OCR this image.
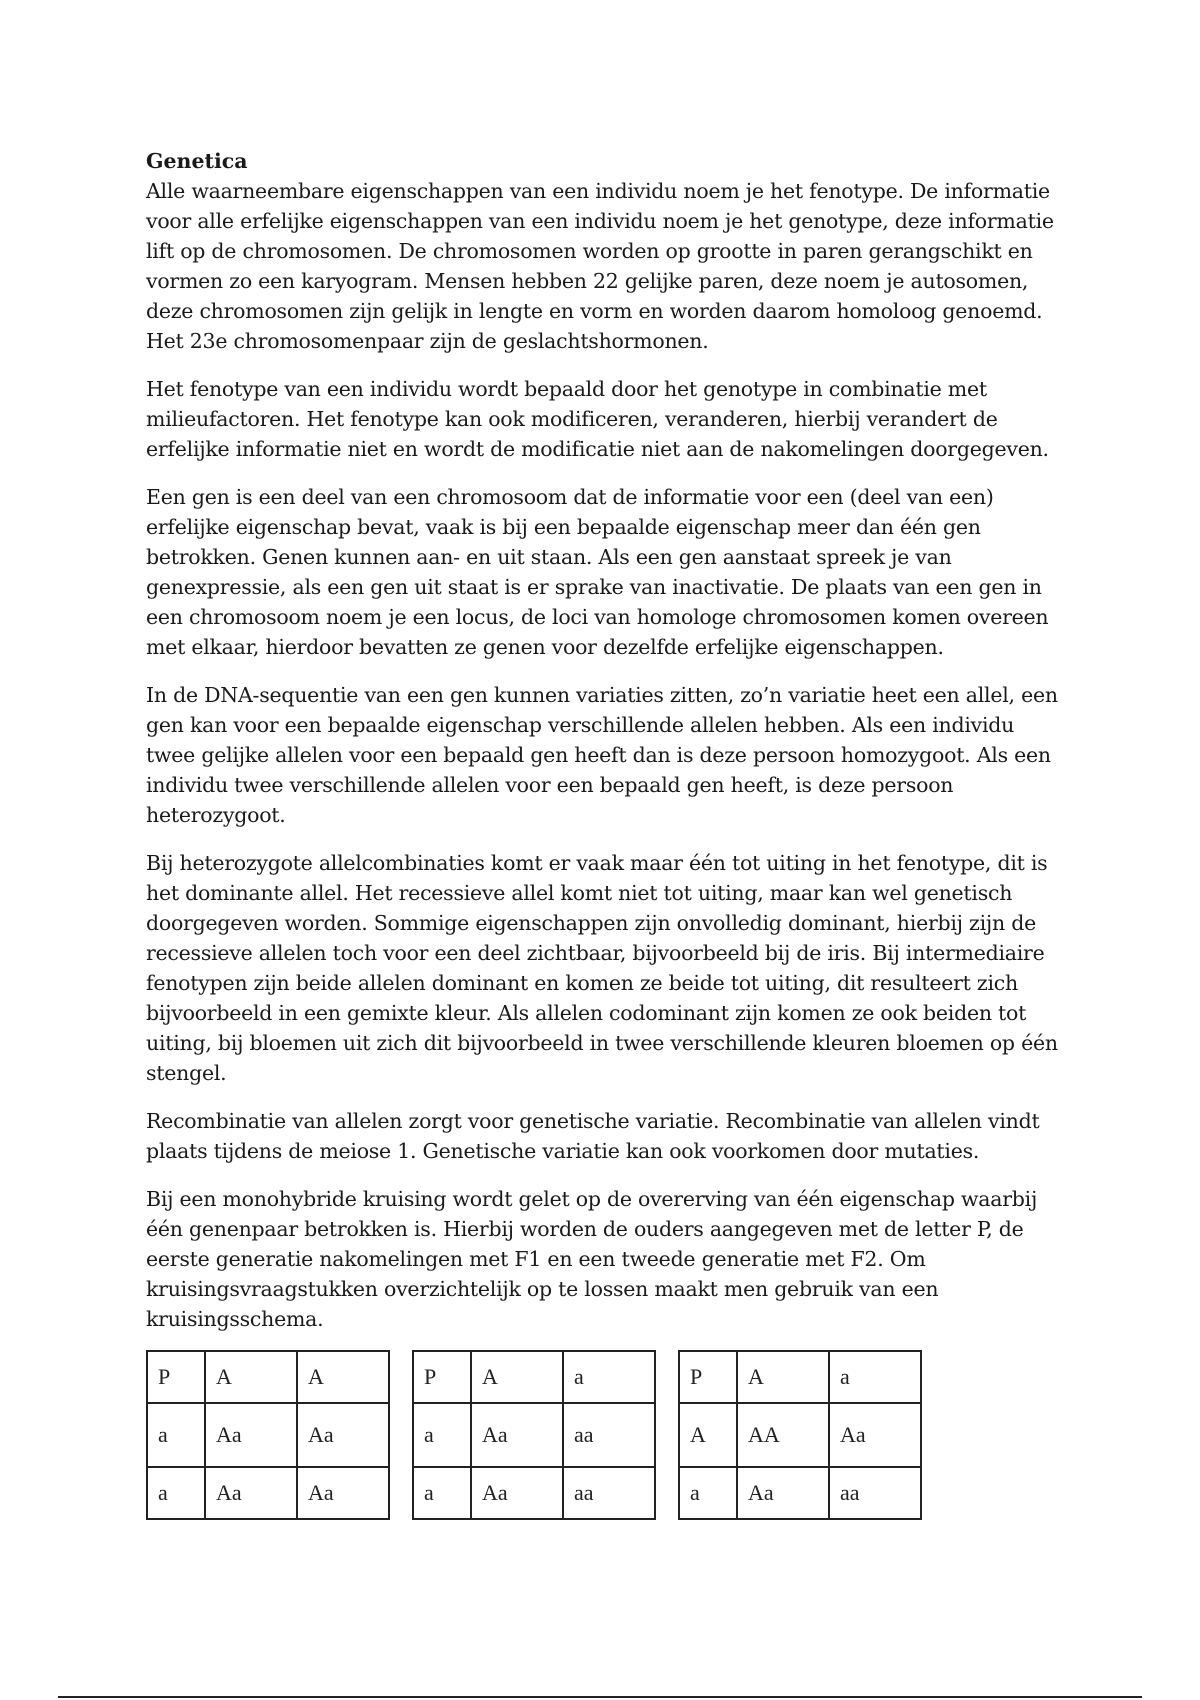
Genetica

Alle waarneembare eigenschappen van een individu noem je het fenotype. De informatie voor alle erfelijke eigenschappen van een individu noem je het genotype, deze informatie lift op de chromosomen. De chromosomen worden op grootte in paren gerangschikt en vormen zo een karyogram. Mensen hebben 22 gelijke paren, deze noem je autosomen, deze chromosomen zijn gelijk in lengte en vorm en worden daarom homoloog genoemd. Het 23e chromosomenpaar zijn de geslachtshormonen.

Het fenotype van een individu wordt bepaald door het genotype in combinatie met milieufactoren. Het fenotype kan ook modificeren, veranderen, hierbij verandert de erfelijke informatie niet en wordt de modificatie niet aan de nakomelingen doorgegeven.

Een gen is een deel van een chromosoom dat de informatie voor een (deel van een) erfelijke eigenschap bevat, vaak is bij een bepaalde eigenschap meer dan één gen betrokken. Genen kunnen aan- en uit staan. Als een gen aanstaat spreek je van genexpressie, als een gen uit staat is er sprake van inactivatie. De plaats van een gen in een chromosoom noem je een locus, de loci van homologe chromosomen komen overeen met elkaar, hierdoor bevatten ze genen voor dezelfde erfelijke eigenschappen.

In de DNA-sequentie van een gen kunnen variaties zitten, zo’n variatie heet een allel, een gen kan voor een bepaalde eigenschap verschillende allelen hebben. Als een individu twee gelijke allelen voor een bepaald gen heeft dan is deze persoon homozygoot. Als een individu twee verschillende allelen voor een bepaald gen heeft, is deze persoon heterozygoot.

Bij heterozygote allelcombinaties komt er vaak maar één tot uiting in het fenotype, dit is het dominante allel. Het recessieve allel komt niet tot uiting, maar kan wel genetisch doorgegeven worden. Sommige eigenschappen zijn onvolledig dominant, hierbij zijn de recessieve allelen toch voor een deel zichtbaar, bijvoorbeeld bij de iris. Bij intermediaire fenotypen zijn beide allelen dominant en komen ze beide tot uiting, dit resulteert zich bijvoorbeeld in een gemixte kleur. Als allelen codominant zijn komen ze ook beiden tot uiting, bij bloemen uit zich dit bijvoorbeeld in twee verschillende kleuren bloemen op één stengel.

Recombinatie van allelen zorgt voor genetische variatie. Recombinatie van allelen vindt plaats tijdens de meiose 1. Genetische variatie kan ook voorkomen door mutaties.

Bij een monohybride kruising wordt gelet op de overerving van één eigenschap waarbij één genenpaar betrokken is. Hierbij worden de ouders aangegeven met de letter P, de eerste generatie nakomelingen met F1 en een tweede generatie met F2. Om kruisingsvraagstukken overzichtelijk op te lossen maakt men gebruik van een kruisingsschema.

P	A	A
a	Aa	Aa
a	Aa	Aa
P	A	a
a	Aa	aa
a	Aa	aa
P	A	a
A	AA	Aa
a	Aa	aa
